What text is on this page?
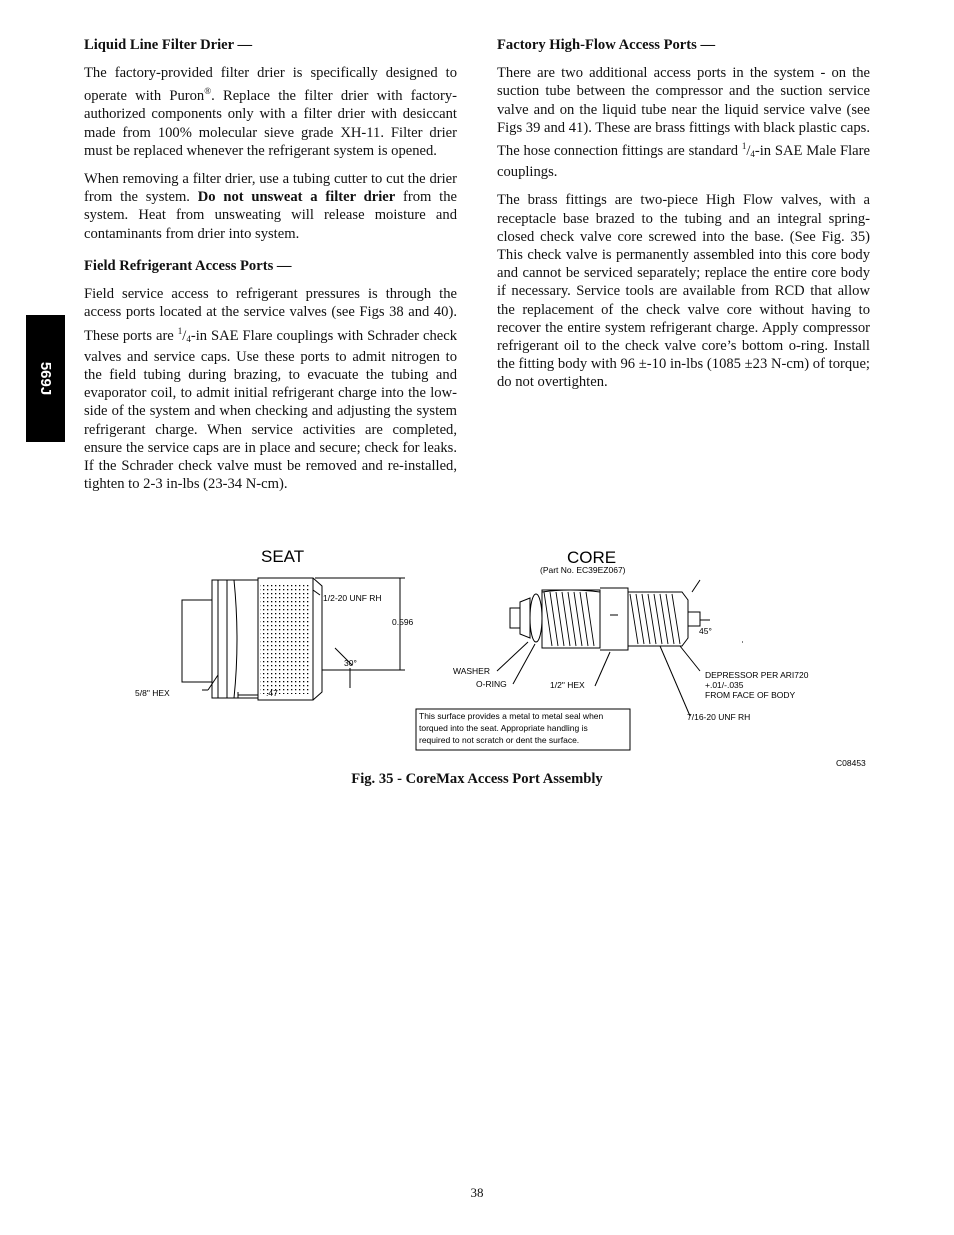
569J
Liquid Line Filter Drier —

The factory-provided filter drier is specifically designed to operate with Puron®. Replace the filter drier with factory-authorized components only with a filter drier with desiccant made from 100% molecular sieve grade XH-11. Filter drier must be replaced whenever the refrigerant system is opened.

When removing a filter drier, use a tubing cutter to cut the drier from the system. Do not unsweat a filter drier from the system. Heat from unsweating will release moisture and contaminants from drier into system.

Field Refrigerant Access Ports —

Field service access to refrigerant pressures is through the access ports located at the service valves (see Figs 38 and 40). These ports are $^1/_4-in$ SAE Flare couplings with Schrader check valves and service caps. Use these ports to admit nitrogen to the field tubing during brazing, to evacuate the tubing and evaporator coil, to admit initial refrigerant charge into the low-side of the system and when checking and adjusting the system refrigerant charge. When service activities are completed, ensure the service caps are in place and secure; check for leaks. If the Schrader check valve must be removed and re-installed, tighten to 2-3 in-lbs (23-34 N-cm).

Factory High-Flow Access Ports —

There are two additional access ports in the system - on the suction tube between the compressor and the suction service valve and on the liquid tube near the liquid service valve (see Figs 39 and 41). These are brass fittings with black plastic caps. The hose connection fittings are standard $^1/_4-in$ SAE Male Flare couplings.

The brass fittings are two-piece High Flow valves, with a receptacle base brazed to the tubing and an integral spring-closed check valve core screwed into the base. (See Fig. 35) This check valve is permanently assembled into this core body and cannot be serviced separately; replace the entire core body if necessary. Service tools are available from RCD that allow the replacement of the check valve core without having to recover the entire system refrigerant charge. Apply compressor refrigerant oil to the check valve core’s bottom o-ring. Install the fitting body with 96 ±-10 in-lbs (1085 ±23 N-cm) of torque; do not overtighten.

SEAT	CORE
(Part No. EC39EZ067)
1/2-20 UNF RH
0.596
30°
5/8" HEX	.47
45°
WASHER
O-RING	1/2" HEX
DEPRESSOR PER ARI720
+.01/-.035
FROM FACE OF BODY
7/16-20 UNF RH
This surface provides a metal to metal seal when
torqued into the seat. Appropriate handling is
required to not scratch or dent the surface.
C08453
Fig. 35 - CoreMax Access Port Assembly
38
